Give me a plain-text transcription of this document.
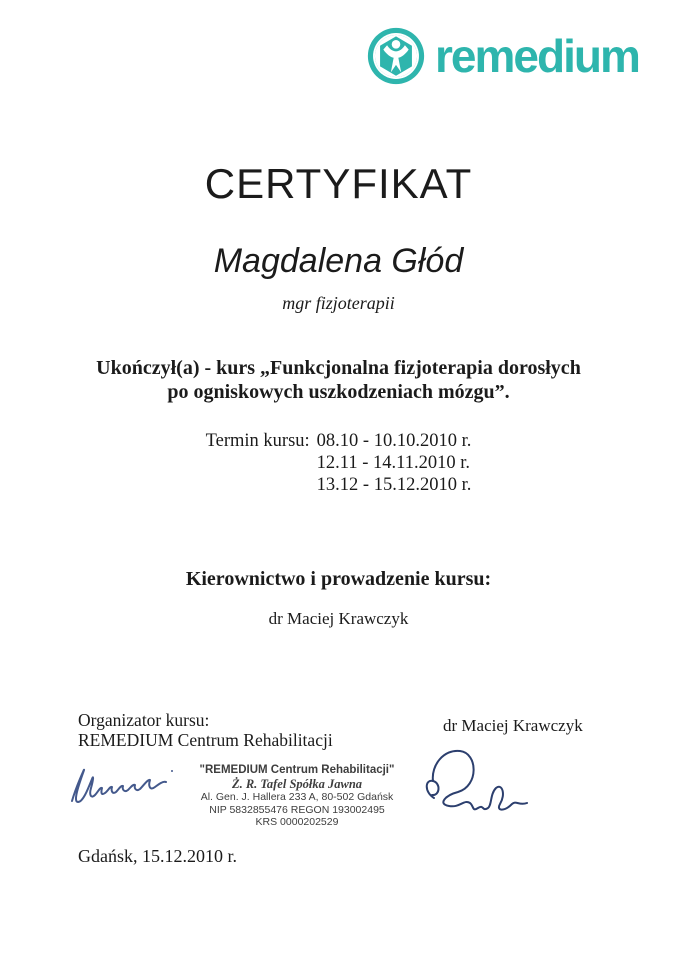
remedium
CERTYFIKAT
Magdalena Głód
mgr fizjoterapii
Ukończył(a) - kurs „Funkcjonalna fizjoterapia dorosłych
po ogniskowych uszkodzeniach mózgu”.
Termin kursu: 08.10 - 10.10.2010 r.
12.11 - 14.11.2010 r.
13.12 - 15.12.2010 r.
Kierownictwo i prowadzenie kursu:
dr Maciej Krawczyk
Organizator kursu:
REMEDIUM Centrum Rehabilitacji
"REMEDIUM Centrum Rehabilitacji"
Ż. R. Tafel Spółka Jawna
Al. Gen. J. Hallera 233 A, 80-502 Gdańsk
NIP 5832855476 REGON 193002495
KRS 0000202529
dr Maciej Krawczyk
Gdańsk, 15.12.2010 r.
